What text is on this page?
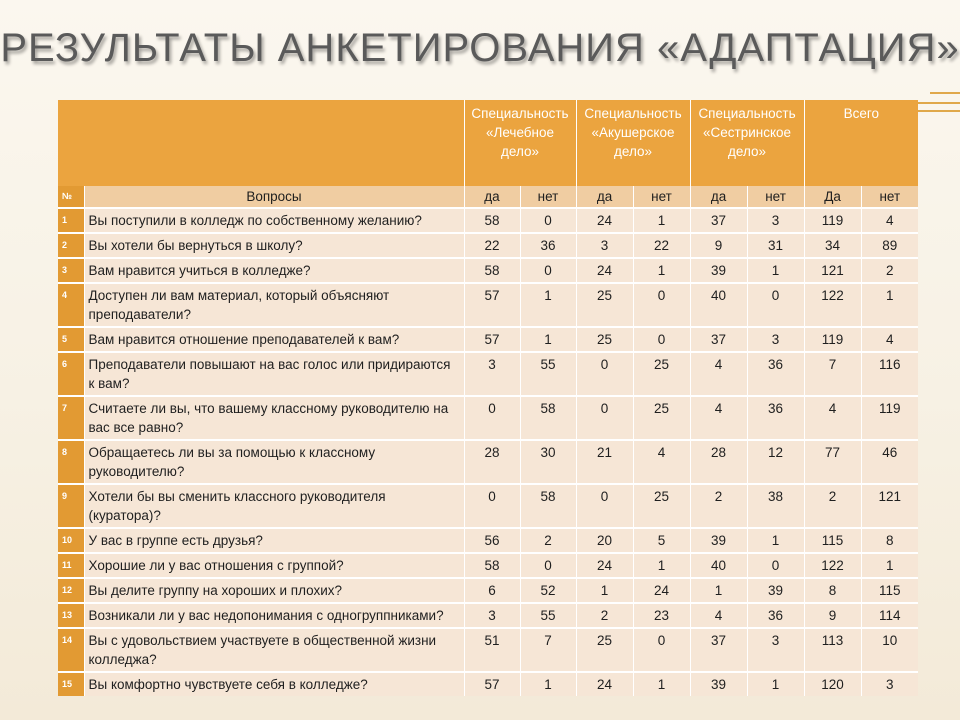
РЕЗУЛЬТАТЫ АНКЕТИРОВАНИЯ «АДАПТАЦИЯ»
		Специальность «Лечебное дело»		Специальность «Акушерское дело»		Специальность «Сестринское дело»		Всего	
№	Вопросы	да	нет	да	нет	да	нет	Да	нет
1	Вы поступили в колледж по собственному желанию?	58	0	24	1	37	3	119	4
2	Вы хотели бы вернуться в школу?	22	36	3	22	9	31	34	89
3	Вам нравится учиться в колледже?	58	0	24	1	39	1	121	2
4	Доступен ли вам материал, который объясняют преподаватели?	57	1	25	0	40	0	122	1
5	Вам нравится отношение преподавателей к вам?	57	1	25	0	37	3	119	4
6	Преподаватели повышают на вас голос или придираются к вам?	3	55	0	25	4	36	7	116
7	Считаете ли вы, что вашему классному руководителю на вас все равно?	0	58	0	25	4	36	4	119
8	Обращаетесь ли вы за помощью к классному руководителю?	28	30	21	4	28	12	77	46
9	Хотели бы вы сменить классного руководителя (куратора)?	0	58	0	25	2	38	2	121
10	У вас в группе есть друзья?	56	2	20	5	39	1	115	8
11	Хорошие ли у вас отношения с группой?	58	0	24	1	40	0	122	1
12	Вы делите группу на хороших и плохих?	6	52	1	24	1	39	8	115
13	Возникали ли у вас недопонимания с одногруппниками?	3	55	2	23	4	36	9	114
14	Вы с удовольствием участвуете в общественной жизни колледжа?	51	7	25	0	37	3	113	10
15	Вы комфортно чувствуете себя в колледже?	57	1	24	1	39	1	120	3
